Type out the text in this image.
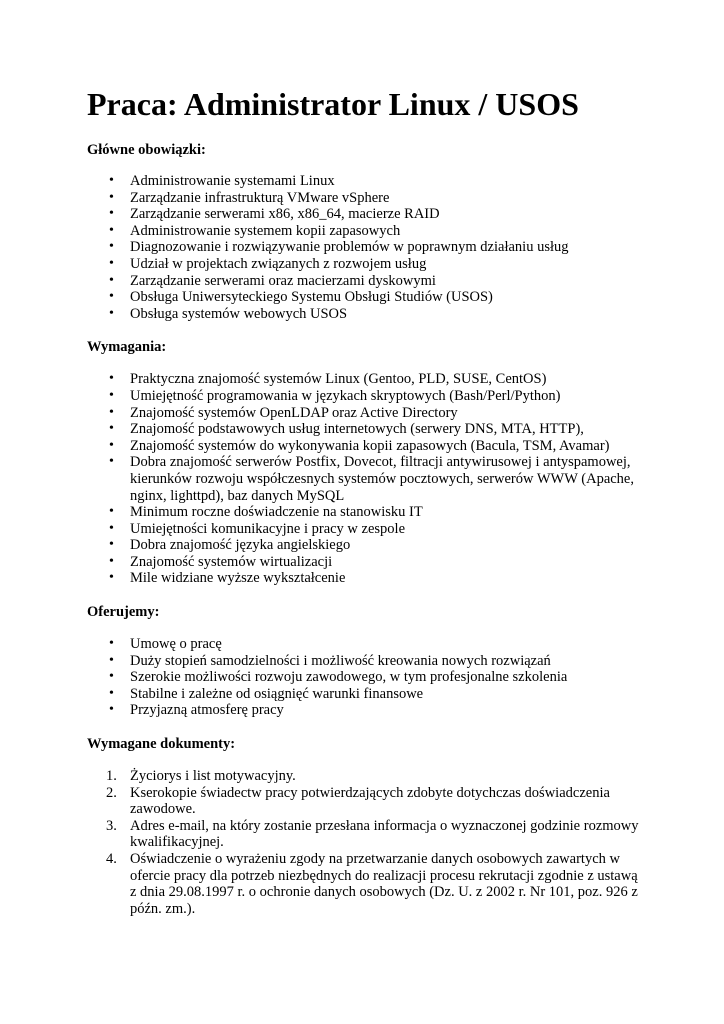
Praca: Administrator Linux / USOS

Główne obowiązki:

• Administrowanie systemami Linux
• Zarządzanie infrastrukturą VMware vSphere
• Zarządzanie serwerami x86, x86_64, macierze RAID
• Administrowanie systemem kopii zapasowych
• Diagnozowanie i rozwiązywanie problemów w poprawnym działaniu usług
• Udział w projektach związanych z rozwojem usług
• Zarządzanie serwerami oraz macierzami dyskowymi
• Obsługa Uniwersyteckiego Systemu Obsługi Studiów (USOS)
• Obsługa systemów webowych USOS

Wymagania:

• Praktyczna znajomość systemów Linux (Gentoo, PLD, SUSE, CentOS)
• Umiejętność programowania w językach skryptowych (Bash/Perl/Python)
• Znajomość systemów OpenLDAP oraz Active Directory
• Znajomość podstawowych usług internetowych (serwery DNS, MTA, HTTP),
• Znajomość systemów do wykonywania kopii zapasowych (Bacula, TSM, Avamar)
• Dobra znajomość serwerów Postfix, Dovecot, filtracji antywirusowej i antyspamowej, kierunków rozwoju współczesnych systemów pocztowych, serwerów WWW (Apache, nginx, lighttpd), baz danych MySQL
• Minimum roczne doświadczenie na stanowisku IT
• Umiejętności komunikacyjne i pracy w zespole
• Dobra znajomość języka angielskiego
• Znajomość systemów wirtualizacji
• Mile widziane wyższe wykształcenie

Oferujemy:

• Umowę o pracę
• Duży stopień samodzielności i możliwość kreowania nowych rozwiązań
• Szerokie możliwości rozwoju zawodowego, w tym profesjonalne szkolenia
• Stabilne i zależne od osiągnięć warunki finansowe
• Przyjazną atmosferę pracy

Wymagane dokumenty:

1. Życiorys i list motywacyjny.
2. Kserokopie świadectw pracy potwierdzających zdobyte dotychczas doświadczenia zawodowe.
3. Adres e-mail, na który zostanie przesłana informacja o wyznaczonej godzinie rozmowy kwalifikacyjnej.
4. Oświadczenie o wyrażeniu zgody na przetwarzanie danych osobowych zawartych w ofercie pracy dla potrzeb niezbędnych do realizacji procesu rekrutacji zgodnie z ustawą z dnia 29.08.1997 r. o ochronie danych osobowych (Dz. U. z 2002 r. Nr 101, poz. 926 z późn. zm.).
